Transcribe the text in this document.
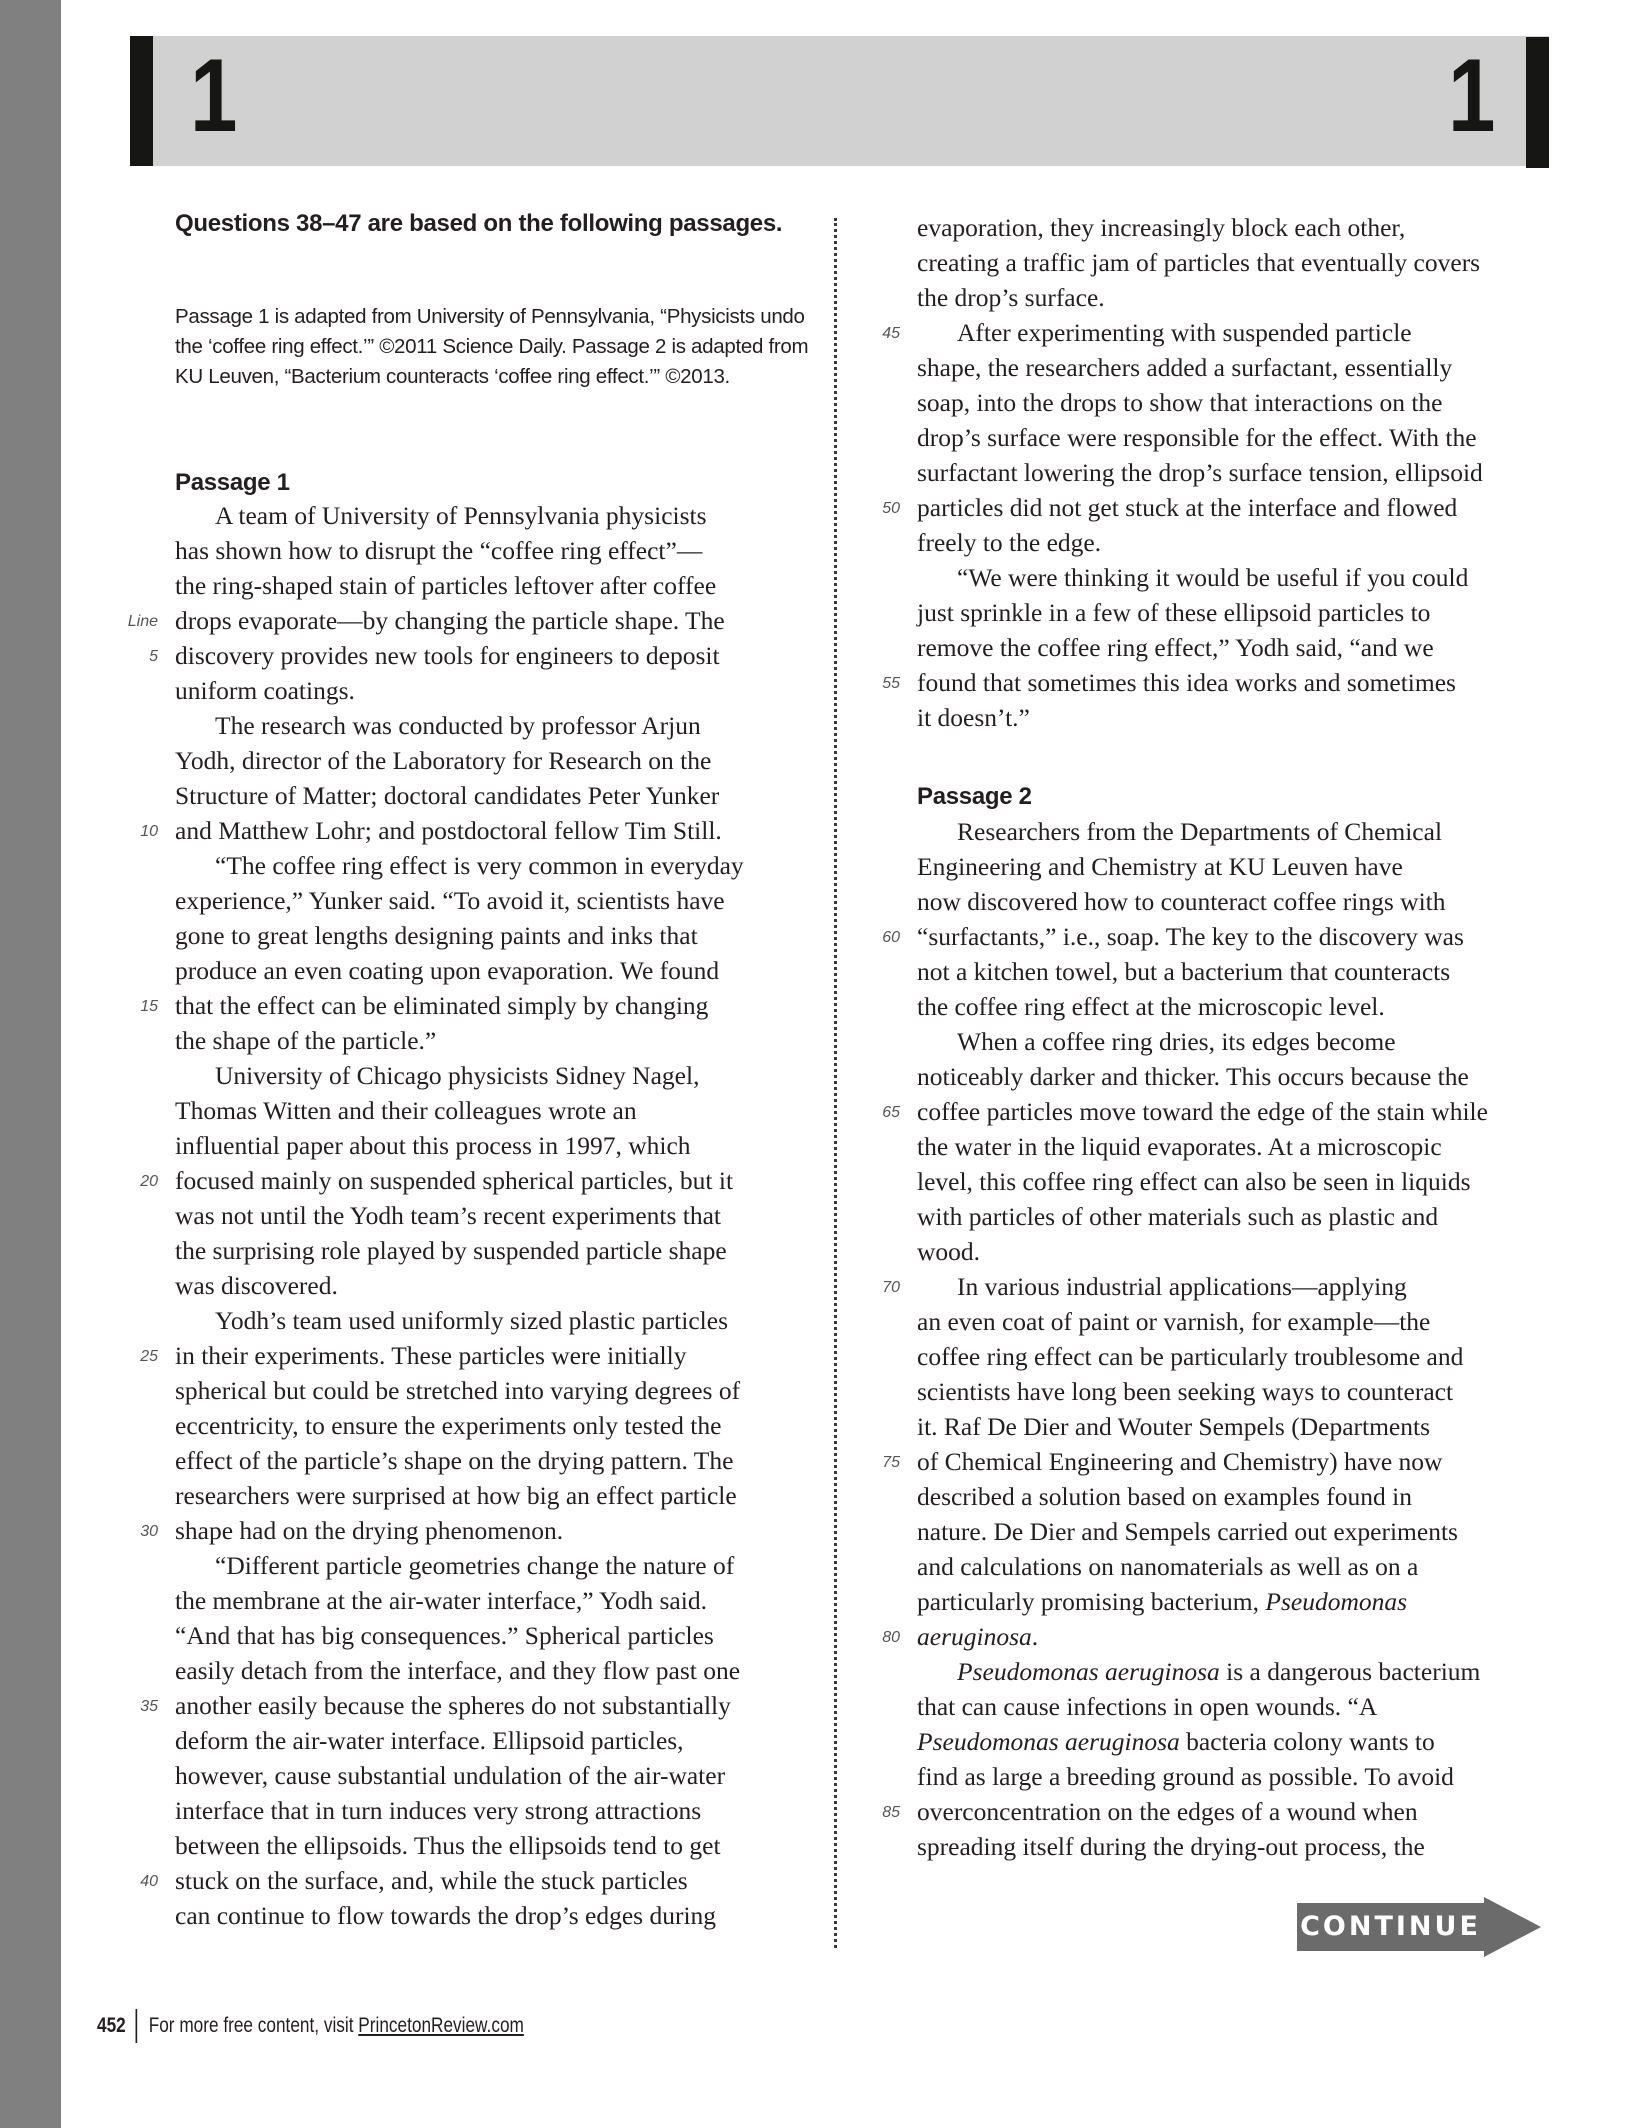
1	1
Questions 38–47 are based on the following passages.
Passage 1 is adapted from University of Pennsylvania, “Physicists undo the ‘coffee ring effect.’” ©2011 Science Daily. Passage 2 is adapted from KU Leuven, “Bacterium counteracts ‘coffee ring effect.’” ©2013.
Passage 1
A team of University of Pennsylvania physicists
has shown how to disrupt the “coffee ring effect”—
the ring-shaped stain of particles leftover after coffee
drops evaporate—by changing the particle shape. The
Line
discovery provides new tools for engineers to deposit
5
uniform coatings.
The research was conducted by professor Arjun
Yodh, director of the Laboratory for Research on the
Structure of Matter; doctoral candidates Peter Yunker
and Matthew Lohr; and postdoctoral fellow Tim Still.
10
“The coffee ring effect is very common in everyday
experience,” Yunker said. “To avoid it, scientists have
gone to great lengths designing paints and inks that
produce an even coating upon evaporation. We found
that the effect can be eliminated simply by changing
15
the shape of the particle.”
University of Chicago physicists Sidney Nagel,
Thomas Witten and their colleagues wrote an
influential paper about this process in 1997, which
focused mainly on suspended spherical particles, but it
20
was not until the Yodh team’s recent experiments that
the surprising role played by suspended particle shape
was discovered.
Yodh’s team used uniformly sized plastic particles
in their experiments. These particles were initially
25
spherical but could be stretched into varying degrees of
eccentricity, to ensure the experiments only tested the
effect of the particle’s shape on the drying pattern. The
researchers were surprised at how big an effect particle
shape had on the drying phenomenon.
30
“Different particle geometries change the nature of
the membrane at the air-water interface,” Yodh said.
“And that has big consequences.” Spherical particles
easily detach from the interface, and they flow past one
another easily because the spheres do not substantially
35
deform the air-water interface. Ellipsoid particles,
however, cause substantial undulation of the air-water
interface that in turn induces very strong attractions
between the ellipsoids. Thus the ellipsoids tend to get
stuck on the surface, and, while the stuck particles
40
can continue to flow towards the drop’s edges during
evaporation, they increasingly block each other,
creating a traffic jam of particles that eventually covers
the drop’s surface.
After experimenting with suspended particle
45
shape, the researchers added a surfactant, essentially
soap, into the drops to show that interactions on the
drop’s surface were responsible for the effect. With the
surfactant lowering the drop’s surface tension, ellipsoid
particles did not get stuck at the interface and flowed
50
freely to the edge.
“We were thinking it would be useful if you could
just sprinkle in a few of these ellipsoid particles to
remove the coffee ring effect,” Yodh said, “and we
found that sometimes this idea works and sometimes
55
it doesn’t.”
Passage 2
Researchers from the Departments of Chemical
Engineering and Chemistry at KU Leuven have
now discovered how to counteract coffee rings with
“surfactants,” i.e., soap. The key to the discovery was
60
not a kitchen towel, but a bacterium that counteracts
the coffee ring effect at the microscopic level.
When a coffee ring dries, its edges become
noticeably darker and thicker. This occurs because the
coffee particles move toward the edge of the stain while
65
the water in the liquid evaporates. At a microscopic
level, this coffee ring effect can also be seen in liquids
with particles of other materials such as plastic and
wood.
In various industrial applications—applying
70
an even coat of paint or varnish, for example—the
coffee ring effect can be particularly troublesome and
scientists have long been seeking ways to counteract
it. Raf De Dier and Wouter Sempels (Departments
of Chemical Engineering and Chemistry) have now
75
described a solution based on examples found in
nature. De Dier and Sempels carried out experiments
and calculations on nanomaterials as well as on a
particularly promising bacterium, Pseudomonas
aeruginosa.
80
Pseudomonas aeruginosa is a dangerous bacterium
that can cause infections in open wounds. “A
Pseudomonas aeruginosa bacteria colony wants to
find as large a breeding ground as possible. To avoid
overconcentration on the edges of a wound when
85
spreading itself during the drying-out process, the
CONTINUE
452 For more free content, visit PrincetonReview.com
